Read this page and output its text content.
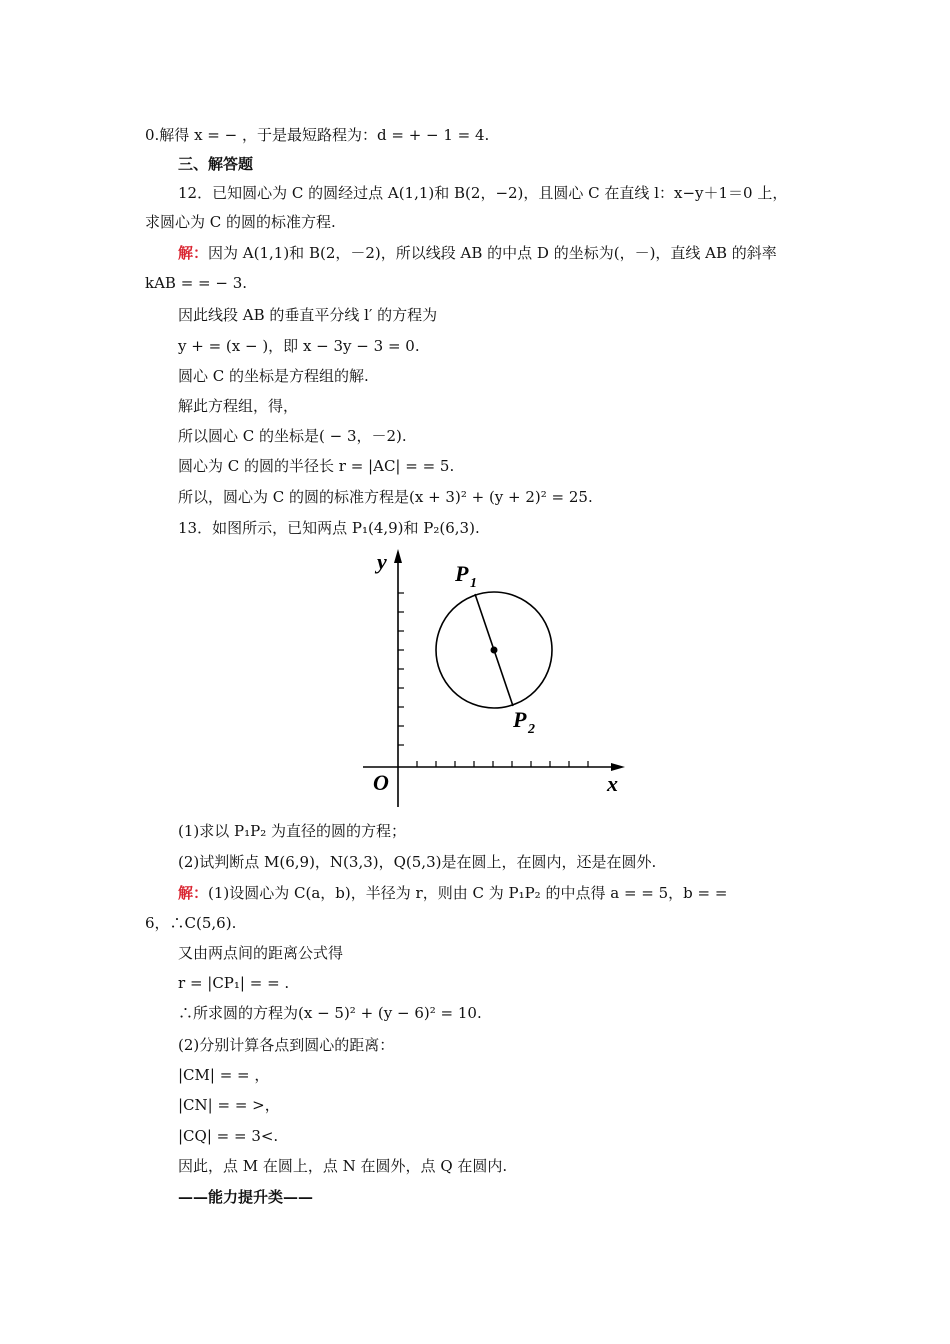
0.解得 x = − ，于是最短路程为：d = + − 1 = 4.
三、解答题
12．已知圆心为 C 的圆经过点 A(1,1)和 B(2，−2)，且圆心 C 在直线 l：x−y＋1＝0 上，
求圆心为 C 的圆的标准方程.
解：因为 A(1,1)和 B(2，－2)，所以线段 AB 的中点 D 的坐标为(，－)，直线 AB 的斜率
kAB = = − 3.
因此线段 AB 的垂直平分线 l′ 的方程为
y + = (x − )，即 x − 3y − 3 = 0.
圆心 C 的坐标是方程组的解.
解此方程组，得，
所以圆心 C 的坐标是( − 3，－2).
圆心为 C 的圆的半径长 r = |AC| = = 5.
所以，圆心为 C 的圆的标准方程是(x + 3)² + (y + 2)² = 25.
13．如图所示，已知两点 P₁(4,9)和 P₂(6,3).
y
x
O
P 1
P 2
(1)求以 P₁P₂ 为直径的圆的方程；
(2)试判断点 M(6,9)，N(3,3)，Q(5,3)是在圆上，在圆内，还是在圆外.
解：(1)设圆心为 C(a，b)，半径为 r，则由 C 为 P₁P₂ 的中点得 a = = 5，b = =
6，∴C(5,6).
又由两点间的距离公式得
r = |CP₁| = = .
∴所求圆的方程为(x − 5)² + (y − 6)² = 10.
(2)分别计算各点到圆心的距离：
|CM| = = ，
|CN| = = >，
|CQ| = = 3<.
因此，点 M 在圆上，点 N 在圆外，点 Q 在圆内.
——能力提升类——
